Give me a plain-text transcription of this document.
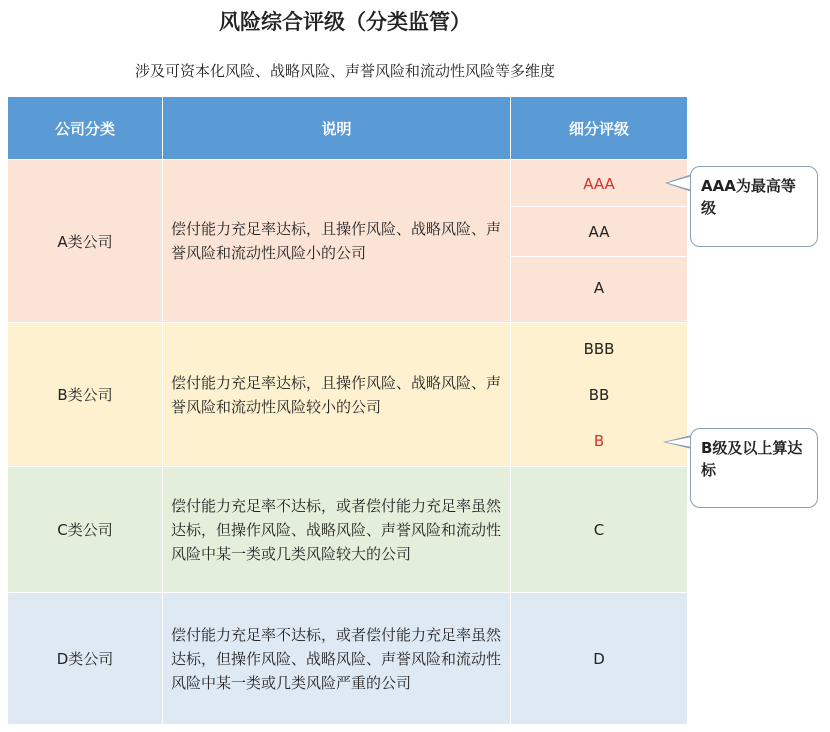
风险综合评级（分类监管）
涉及可资本化风险、战略风险、声誉风险和流动性风险等多维度
公司分类	说明	细分评级
A类公司
偿付能力充足率达标，且操作风险、战略风险、声誉风险和流动性风险小的公司
AAA
AA
A
B类公司
偿付能力充足率达标，且操作风险、战略风险、声誉风险和流动性风险较小的公司
BBB
BB
B
C类公司
偿付能力充足率不达标，或者偿付能力充足率虽然达标，但操作风险、战略风险、声誉风险和流动性风险中某一类或几类风险较大的公司
C
D类公司
偿付能力充足率不达标，或者偿付能力充足率虽然达标，但操作风险、战略风险、声誉风险和流动性风险中某一类或几类风险严重的公司
D
AAA为最高等级
B级及以上算达标
